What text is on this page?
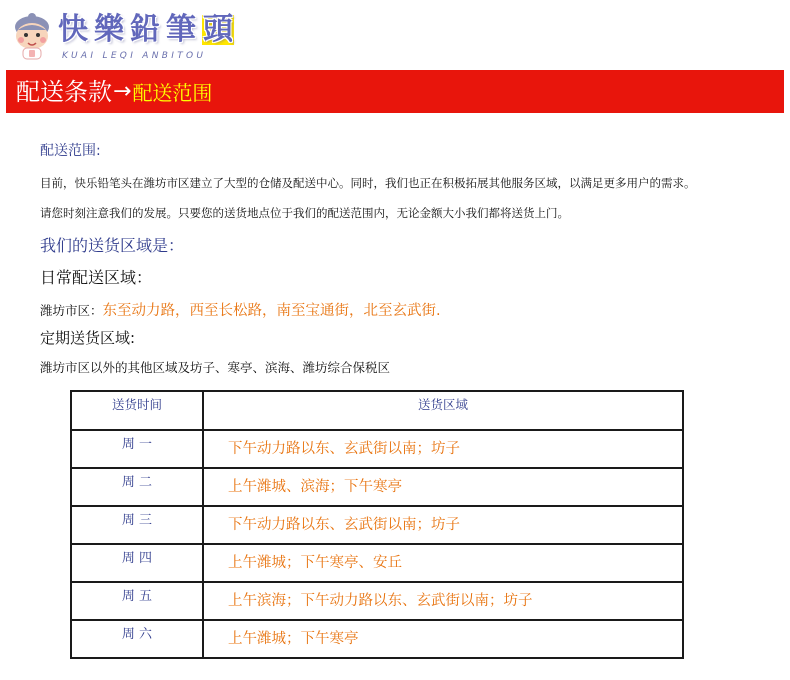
快樂鉛筆頭
KUAI LEQI ANBITOU
配送条款 → 配送范围
配送范围:
目前，快乐铅笔头在潍坊市区建立了大型的仓储及配送中心。同时，我们也正在积极拓展其他服务区域，以满足更多用户的需求。
请您时刻注意我们的发展。只要您的送货地点位于我们的配送范围内，无论金额大小我们都将送货上门。
我们的送货区域是：
日常配送区域：
潍坊市区：东至动力路，西至长松路，南至宝通街，北至玄武街.
定期送货区域:
潍坊市区以外的其他区域及坊子、寒亭、滨海、潍坊综合保税区
送货时间	送货区域

周 一	下午动力路以东、玄武街以南；坊子

周 二	上午潍城、滨海；下午寒亭

周 三	下午动力路以东、玄武街以南；坊子

周 四	上午潍城；下午寒亭、安丘

周 五	上午滨海；下午动力路以东、玄武街以南；坊子

周 六	上午潍城；下午寒亭
